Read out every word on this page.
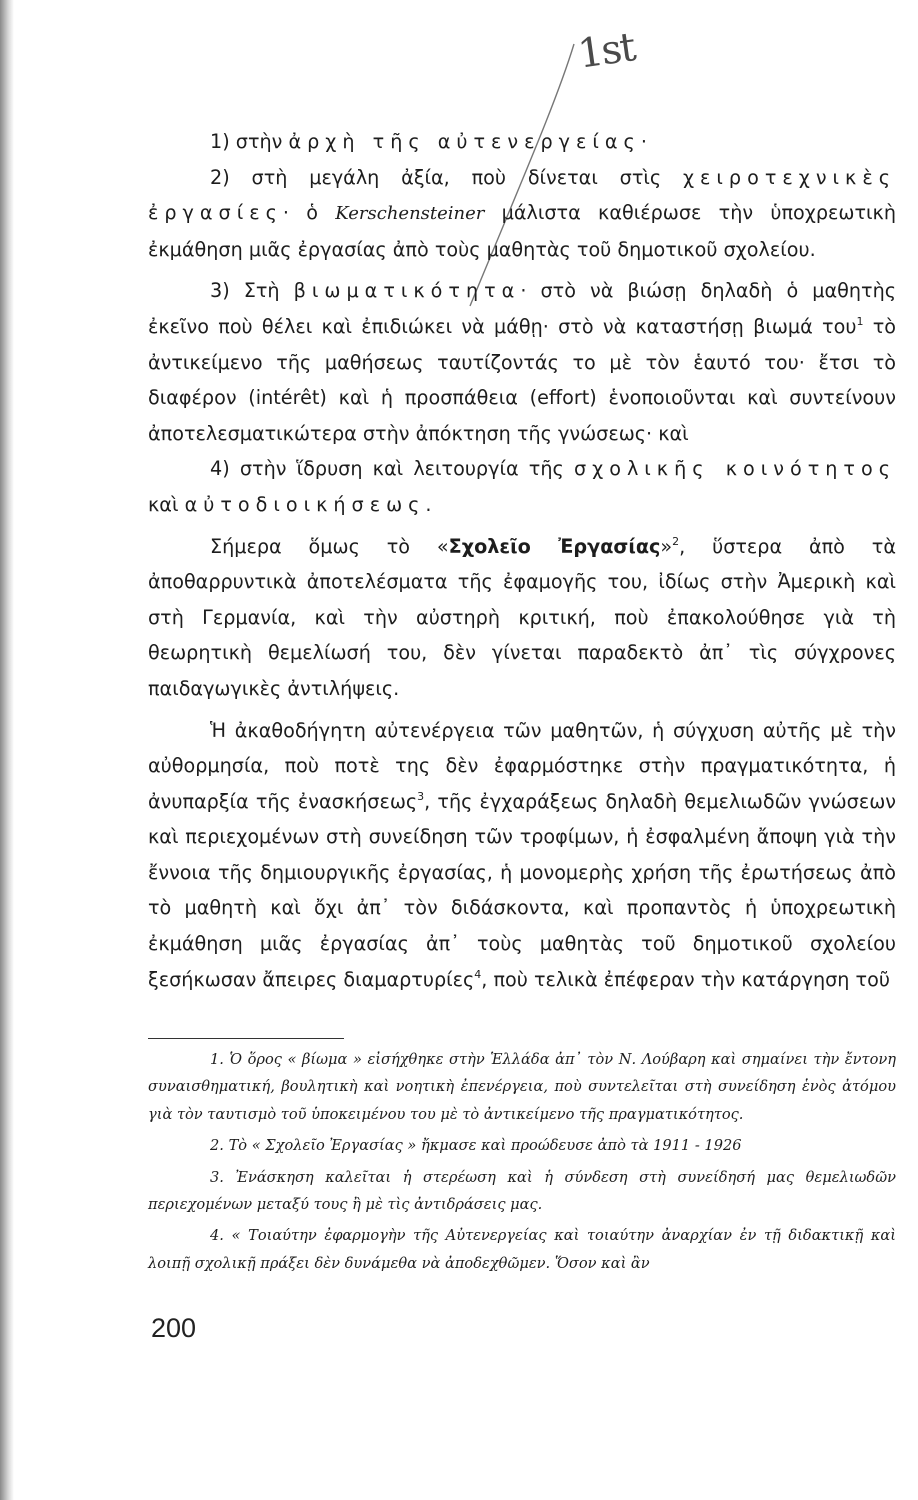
1st

1) στὴν ἀρχὴ τῆς αὐτενεργείας·

2) στὴ μεγάλη ἀξία, ποὺ δίνεται στὶς χειροτεχνικὲς ἐργασίες· ὁ Kerschensteiner μάλιστα καθιέρωσε τὴν ὑποχρεωτικὴ ἐκμάθηση μιᾶς ἐργασίας ἀπὸ τοὺς μαθητὰς τοῦ δημοτικοῦ σχολείου.

3) Στὴ βιωματικότητα· στὸ νὰ βιώσῃ δηλαδὴ ὁ μαθητὴς ἐκεῖνο ποὺ θέλει καὶ ἐπιδιώκει νὰ μάθῃ· στὸ νὰ καταστήσῃ βιωμά του$^1$ τὸ ἀντικείμενο τῆς μαθήσεως ταυτίζοντάς το μὲ τὸν ἑαυτό του· ἔτσι τὸ διαφέρον (intérêt) καὶ ἡ προσπάθεια (effort) ἑνοποιοῦνται καὶ συντείνουν ἀποτελεσματικώτερα στὴν ἀπόκτηση τῆς γνώσεως· καὶ

4) στὴν ἵδρυση καὶ λειτουργία τῆς σχολικῆς κοινότητος καὶ αὐτοδιοικήσεως.

Σήμερα ὅμως τὸ «Σχολεῖο Ἐργασίας»$^2$, ὕστερα ἀπὸ τὰ ἀποθαρρυντικὰ ἀποτελέσματα τῆς ἐφαμογῆς του, ἰδίως στὴν Ἀμερικὴ καὶ στὴ Γερμανία, καὶ τὴν αὐστηρὴ κριτική, ποὺ ἐπακολούθησε γιὰ τὴ θεωρητικὴ θεμελίωσή του, δὲν γίνεται παραδεκτὸ ἀπ᾿ τὶς σύγχρονες παιδαγωγικὲς ἀντιλήψεις.

Ἡ ἀκαθοδήγητη αὐτενέργεια τῶν μαθητῶν, ἡ σύγχυση αὐτῆς μὲ τὴν αὐθορμησία, ποὺ ποτὲ της δὲν ἐφαρμόστηκε στὴν πραγματικότητα, ἡ ἀνυπαρξία τῆς ἐνασκήσεως$^3$, τῆς ἐγχαράξεως δηλαδὴ θεμελιωδῶν γνώσεων καὶ περιεχομένων στὴ συνείδηση τῶν τροφίμων, ἡ ἐσφαλμένη ἄποψη γιὰ τὴν ἔννοια τῆς δημιουργικῆς ἐργασίας, ἡ μονομερὴς χρήση τῆς ἐρωτήσεως ἀπὸ τὸ μαθητὴ καὶ ὄχι ἀπ᾿ τὸν διδάσκοντα, καὶ προπαντὸς ἡ ὑποχρεωτικὴ ἐκμάθηση μιᾶς ἐργασίας ἀπ᾿ τοὺς μαθητὰς τοῦ δημοτικοῦ σχολείου ξεσήκωσαν ἄπειρες διαμαρτυρίες$^4$, ποὺ τελικὰ ἐπέφεραν τὴν κατάργηση τοῦ

1. Ὁ ὅρος « βίωμα » εἰσήχθηκε στὴν Ἑλλάδα ἀπ᾿ τὸν Ν. Λούβαρη καὶ σημαίνει τὴν ἔντονη συναισθηματική, βουλητικὴ καὶ νοητικὴ ἐπενέργεια, ποὺ συντελεῖται στὴ συνείδηση ἑνὸς ἀτόμου γιὰ τὸν ταυτισμὸ τοῦ ὑποκειμένου του μὲ τὸ ἀντικείμενο τῆς πραγματικότητος.

2. Τὸ « Σχολεῖο Ἐργασίας » ἤκμασε καὶ προώδευσε ἀπὸ τὰ 1911 - 1926

3. Ἐνάσκηση καλεῖται ἡ στερέωση καὶ ἡ σύνδεση στὴ συνείδησή μας θεμελιωδῶν περιεχομένων μεταξύ τους ἢ μὲ τὶς ἀντιδράσεις μας.

4. « Τοιαύτην ἐφαρμογὴν τῆς Αὐτενεργείας καὶ τοιαύτην ἀναρχίαν ἐν τῇ διδακτικῇ καὶ λοιπῇ σχολικῇ πράξει δὲν δυνάμεθα νὰ ἀποδεχθῶμεν. Ὅσον καὶ ἂν

200
